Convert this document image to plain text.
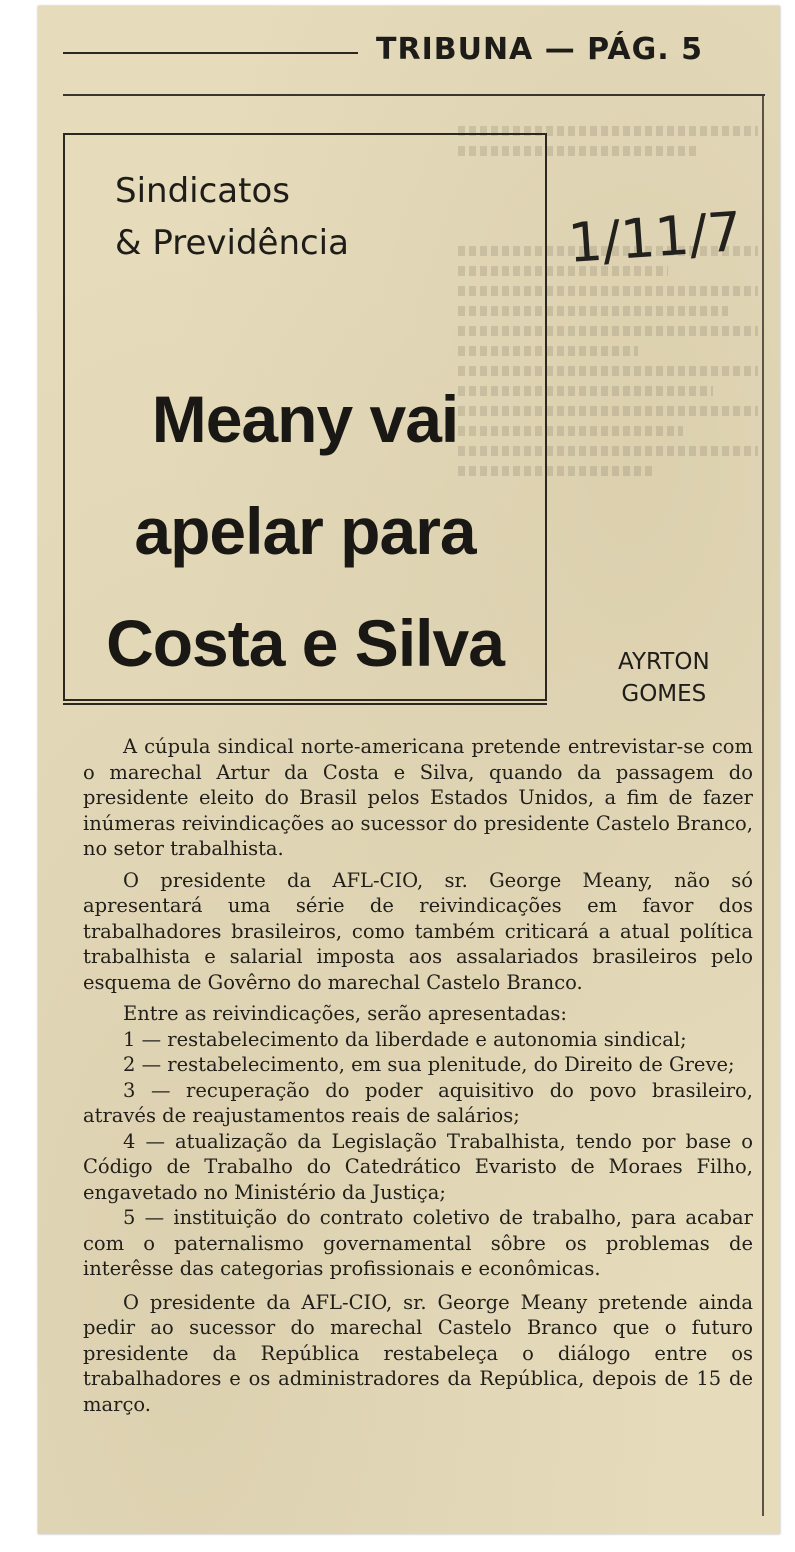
TRIBUNA — PÁG. 5
1/11/7
Sindicatos
& Previdência
Meany vai
apelar para
Costa e Silva	AYRTON
GOMES

A cúpula sindical norte-americana pretende entrevistar-se com o marechal Artur da Costa e Silva, quando da passagem do presidente eleito do Brasil pelos Estados Unidos, a fim de fazer inúmeras reivindicações ao sucessor do presidente Castelo Branco, no setor trabalhista.

O presidente da AFL-CIO, sr. George Meany, não só apresentará uma série de reivindicações em favor dos trabalhadores brasileiros, como também criticará a atual política trabalhista e salarial imposta aos assalariados brasileiros pelo esquema de Govêrno do marechal Castelo Branco.

Entre as reivindicações, serão apresentadas:

1 — restabelecimento da liberdade e autonomia sindical;

2 — restabelecimento, em sua plenitude, do Direito de Greve;

3 — recuperação do poder aquisitivo do povo brasileiro, através de reajustamentos reais de salários;

4 — atualização da Legislação Trabalhista, tendo por base o Código de Trabalho do Catedrático Evaristo de Moraes Filho, engavetado no Ministério da Justiça;

5 — instituição do contrato coletivo de trabalho, para acabar com o paternalismo governamental sôbre os problemas de interêsse das categorias profissionais e econômicas.

O presidente da AFL-CIO, sr. George Meany pretende ainda pedir ao sucessor do marechal Castelo Branco que o futuro presidente da República restabeleça o diálogo entre os trabalhadores e os administradores da República, depois de 15 de março.
